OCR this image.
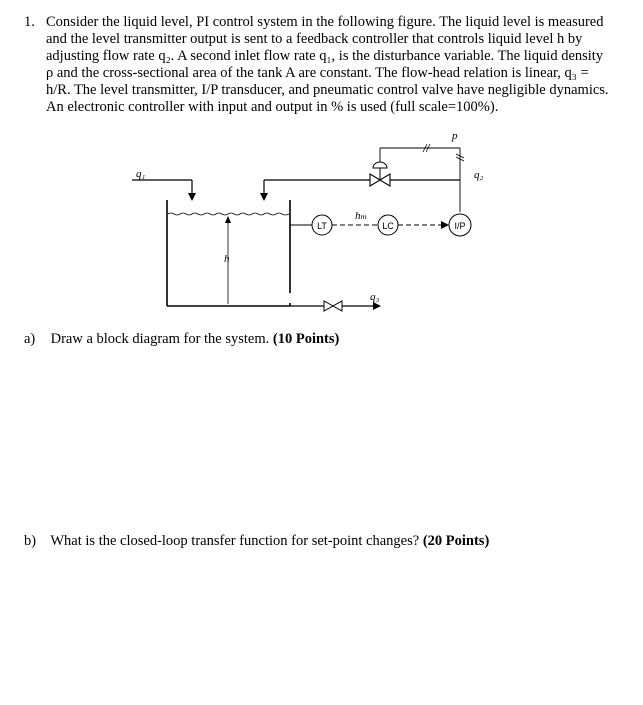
1. Consider the liquid level, PI control system in the following figure. The liquid level is measured
and the level transmitter output is sent to a feedback controller that controls liquid level h by
adjusting flow rate q₂. A second inlet flow rate q₁, is the disturbance variable. The liquid density
ρ and the cross-sectional area of the tank A are constant. The flow-head relation is linear, q₃ =
h/R. The level transmitter, I/P transducer, and pneumatic control valve have negligible dynamics.
An electronic controller with input and output in % is used (full scale=100%).
q₁	q₂
p
h
q₃
LT
hₘ
LC	I/P
a) Draw a block diagram for the system. (10 Points)
b) What is the closed-loop transfer function for set-point changes? (20 Points)
